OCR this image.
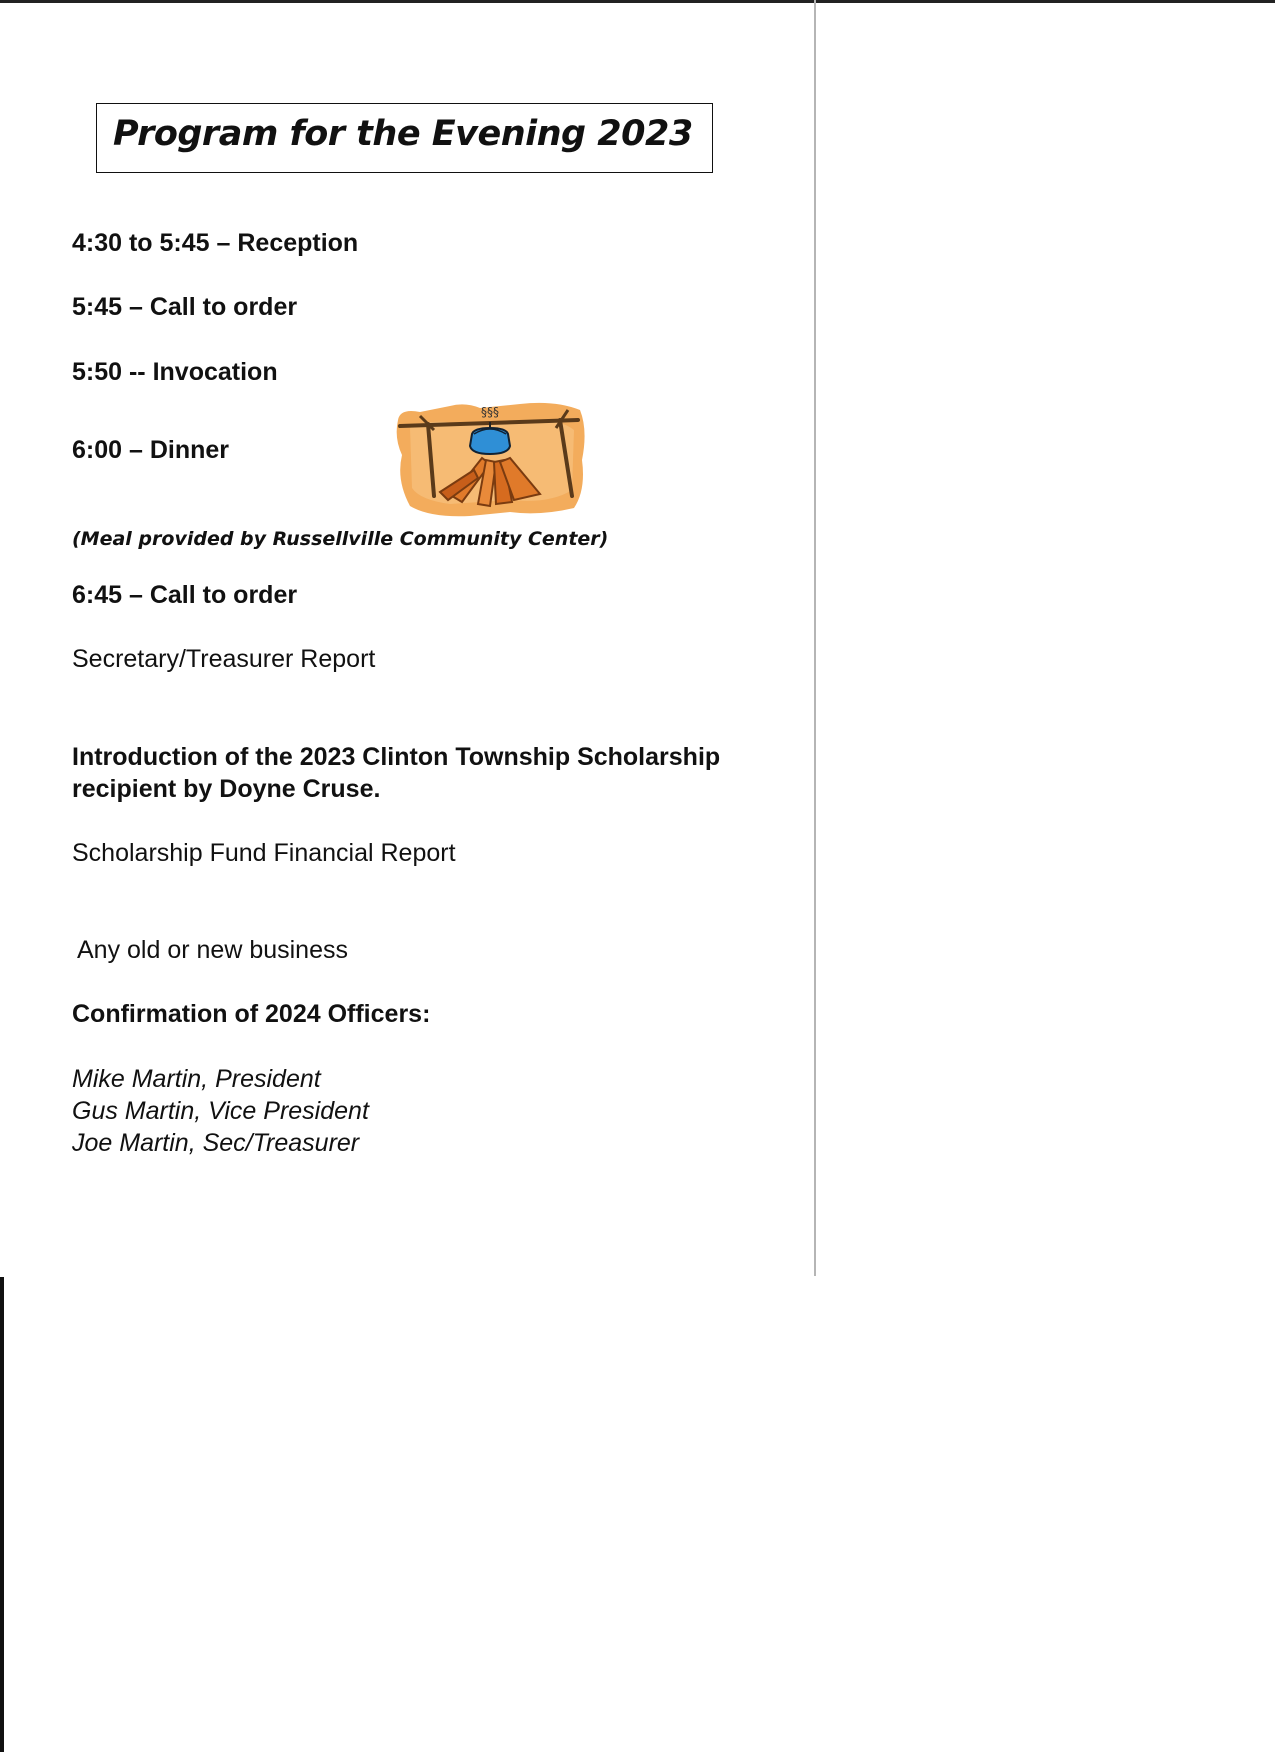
Program for the Evening 2023
4:30 to 5:45 – Reception
5:45 – Call to order
5:50 -- Invocation
6:00 – Dinner
§§§
(Meal provided by Russellville Community Center)
6:45 – Call to order
Secretary/Treasurer Report
Introduction of the 2023 Clinton Township Scholarship
recipient by Doyne Cruse.
Scholarship Fund Financial Report
Any old or new business
Confirmation of 2024 Officers:
Mike Martin, President
Gus Martin, Vice President
Joe Martin, Sec/Treasurer
